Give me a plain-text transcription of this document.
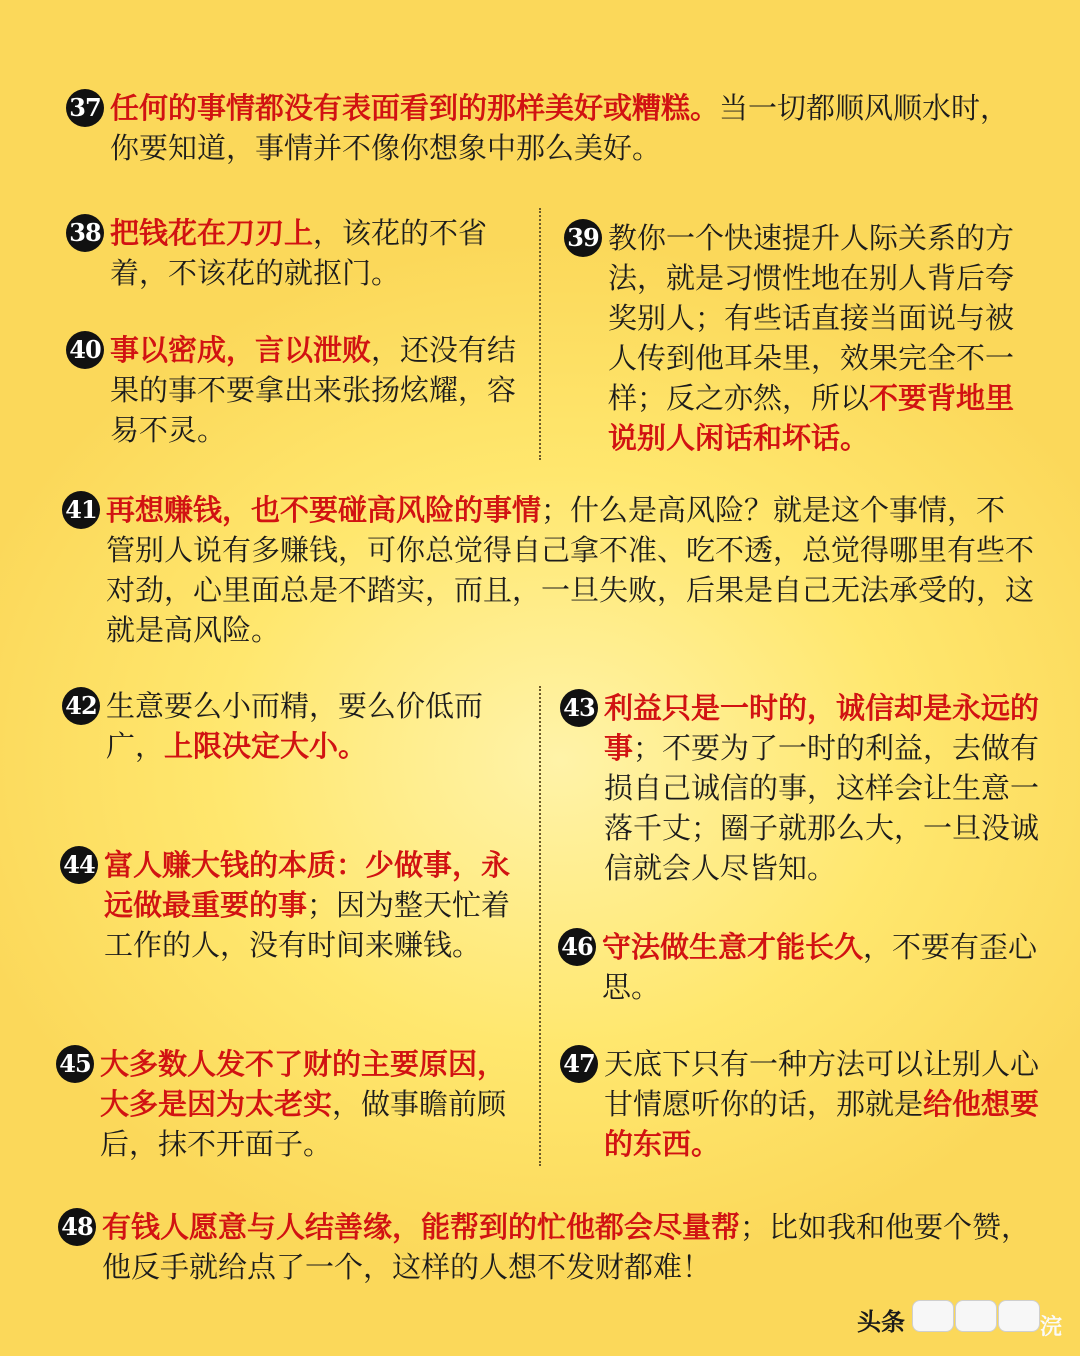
37 任何的事情都没有表面看到的那样美好或糟糕。当一切都顺风顺水时，你要知道，事情并不像你想象中那么美好。
38 把钱花在刀刃上，该花的不省着，不该花的就抠门。
39 教你一个快速提升人际关系的方法，就是习惯性地在别人背后夸奖别人；有些话直接当面说与被人传到他耳朵里，效果完全不一样；反之亦然，所以不要背地里说别人闲话和坏话。
40 事以密成，言以泄败，还没有结果的事不要拿出来张扬炫耀，容易不灵。
41 再想赚钱，也不要碰高风险的事情；什么是高风险？就是这个事情，不管别人说有多赚钱，可你总觉得自己拿不准、吃不透，总觉得哪里有些不对劲，心里面总是不踏实，而且，一旦失败，后果是自己无法承受的，这就是高风险。
42 生意要么小而精，要么价低而广，上限决定大小。
43 利益只是一时的，诚信却是永远的事；不要为了一时的利益，去做有损自己诚信的事，这样会让生意一落千丈；圈子就那么大，一旦没诚信就会人尽皆知。
44 富人赚大钱的本质：少做事，永远做最重要的事；因为整天忙着工作的人，没有时间来赚钱。	46 守法做生意才能长久，不要有歪心思。
45 大多数人发不了财的主要原因，大多是因为太老实，做事瞻前顾后，抹不开面子。
47 天底下只有一种方法可以让别人心甘情愿听你的话，那就是给他想要的东西。
48 有钱人愿意与人结善缘，能帮到的忙他都会尽量帮；比如我和他要个赞，他反手就给点了一个，这样的人想不发财都难！
头条	浣
